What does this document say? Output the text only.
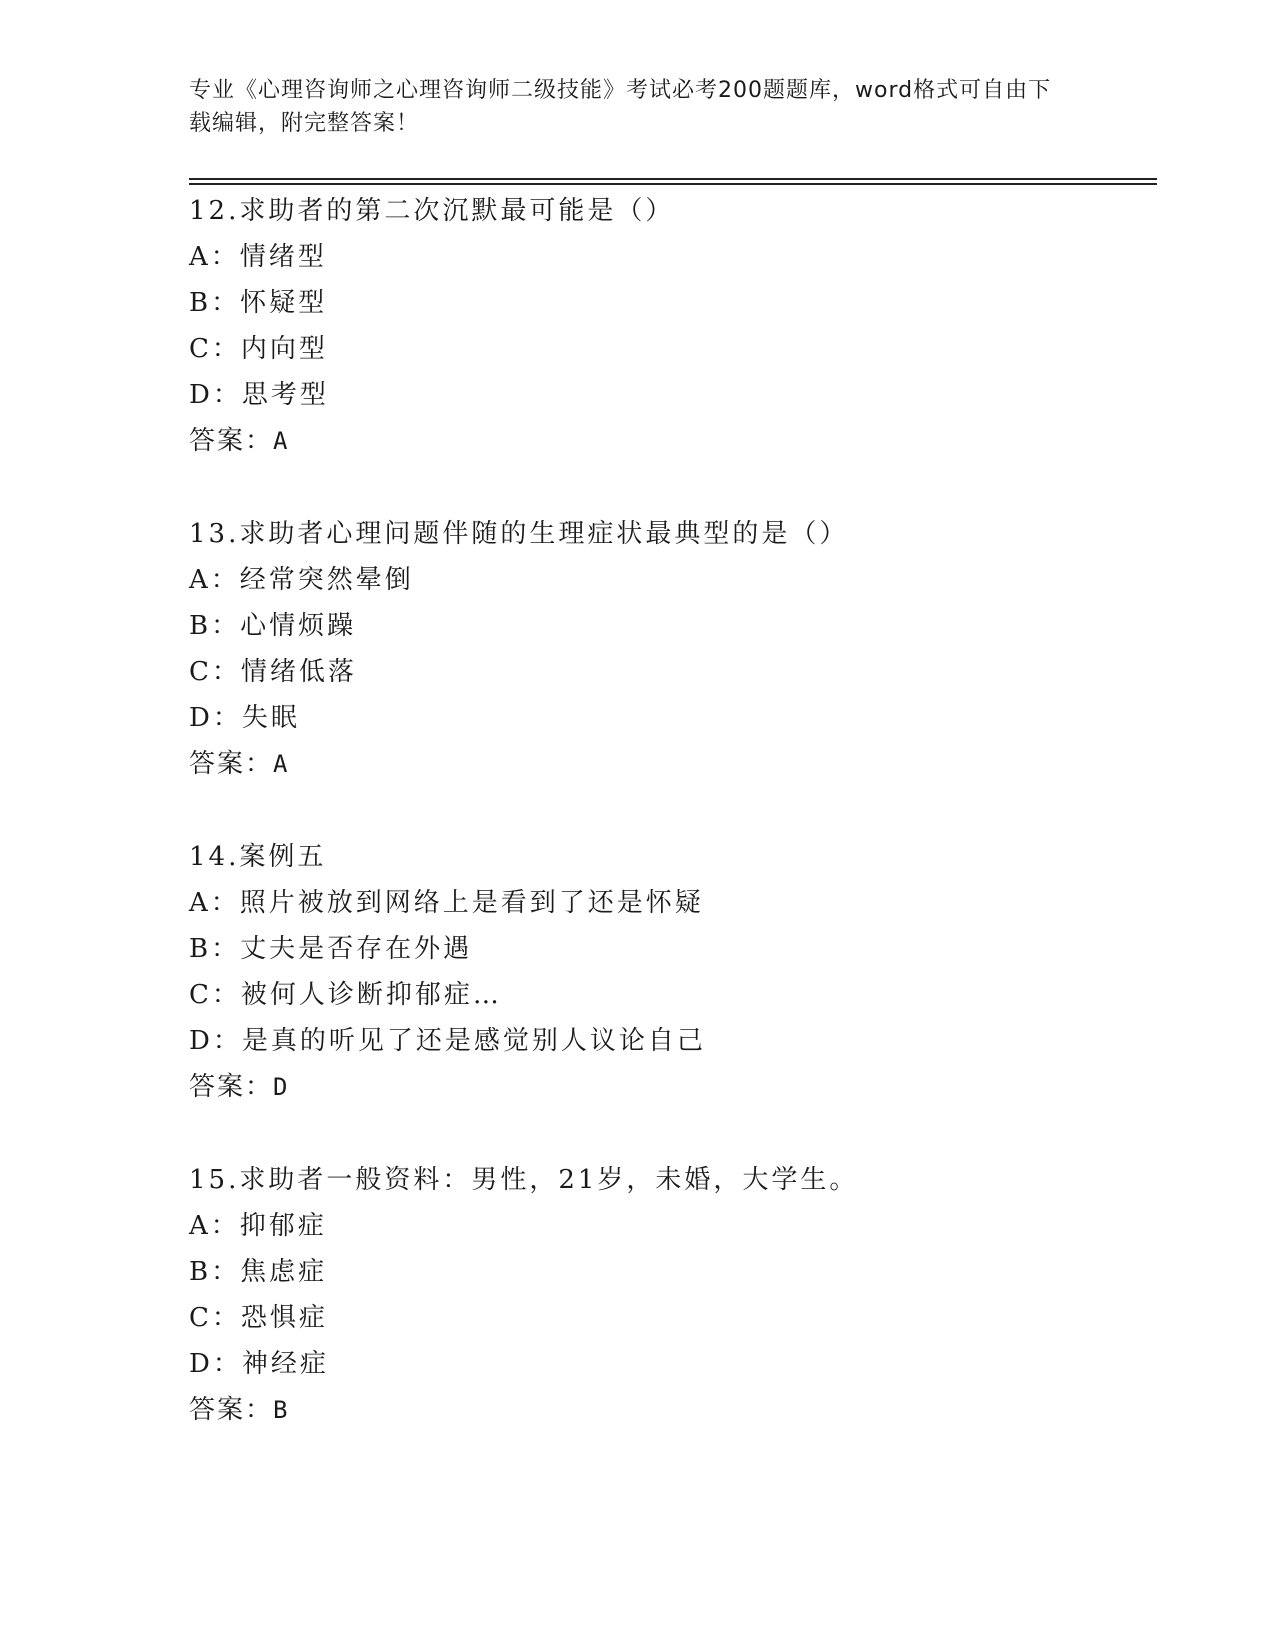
专业《心理咨询师之心理咨询师二级技能》考试必考200题题库，word格式可自由下载编辑，附完整答案！
12.求助者的第二次沉默最可能是（）
A：情绪型
B：怀疑型
C：内向型
D：思考型
答案：A
13.求助者心理问题伴随的生理症状最典型的是（）
A：经常突然晕倒
B：心情烦躁
C：情绪低落
D：失眠
答案：A
14.案例五
A：照片被放到网络上是看到了还是怀疑
B：丈夫是否存在外遇
C：被何人诊断抑郁症…
D：是真的听见了还是感觉别人议论自己
答案：D
15.求助者一般资料：男性，21岁，未婚，大学生。
A：抑郁症
B：焦虑症
C：恐惧症
D：神经症
答案：B
